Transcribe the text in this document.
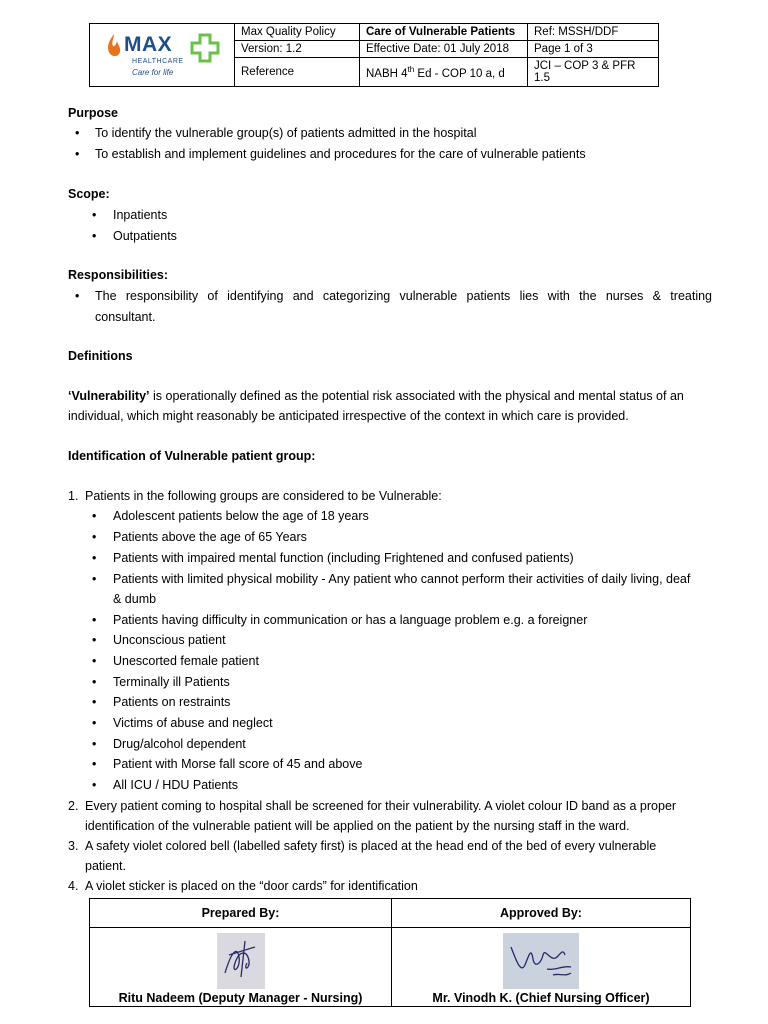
MAX
HEALTHCARE
Care for life	Max Quality Policy	Care of Vulnerable Patients	Ref: MSSH/DDF
	Version: 1.2	Effective Date: 01 July 2018	Page 1 of 3
	Reference	NABH 4th Ed - COP 10 a, d	JCI – COP 3 & PFR 1.5
Purpose
• To identify the vulnerable group(s) of patients admitted in the hospital
• To establish and implement guidelines and procedures for the care of vulnerable patients
Scope:
• Inpatients
• Outpatients
Responsibilities:
• The responsibility of identifying and categorizing vulnerable patients lies with the nurses & treating
consultant.
Definitions
‘Vulnerability’ is operationally defined as the potential risk associated with the physical and mental status of an
individual, which might reasonably be anticipated irrespective of the context in which care is provided.
Identification of Vulnerable patient group:
1. Patients in the following groups are considered to be Vulnerable:
• Adolescent patients below the age of 18 years
• Patients above the age of 65 Years
• Patients with impaired mental function (including Frightened and confused patients)
• Patients with limited physical mobility - Any patient who cannot perform their activities of daily living, deaf
& dumb
• Patients having difficulty in communication or has a language problem e.g. a foreigner
• Unconscious patient
• Unescorted female patient
• Terminally ill Patients
• Patients on restraints
• Victims of abuse and neglect
• Drug/alcohol dependent
• Patient with Morse fall score of 45 and above
• All ICU / HDU Patients
2. Every patient coming to hospital shall be screened for their vulnerability. A violet colour ID band as a proper
identification of the vulnerable patient will be applied on the patient by the nursing staff in the ward.
3. A safety violet colored bell (labelled safety first) is placed at the head end of the bed of every vulnerable
patient.
4. A violet sticker is placed on the “door cards” for identification
Prepared By:	Approved By:

Ritu Nadeem (Deputy Manager - Nursing)	Mr. Vinodh K. (Chief Nursing Officer)
